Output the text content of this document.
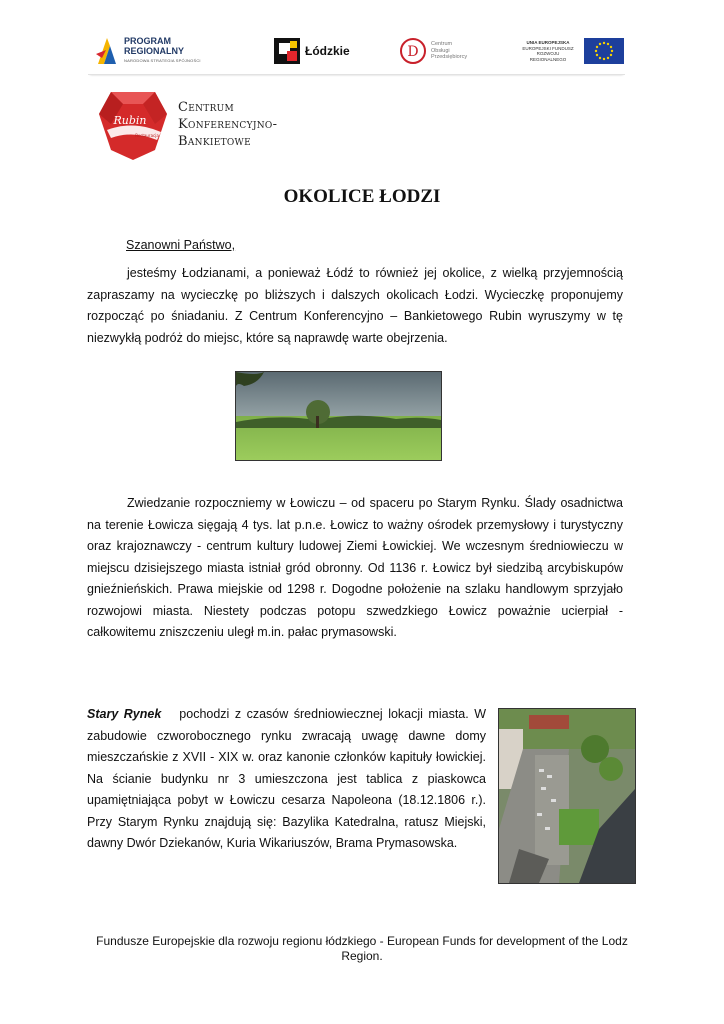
PROGRAM
REGIONALNY
NARODOWA STRATEGIA SPÓJNOŚCI
Łódzkie	D Centrum
Obsługi
Przedsiębiorcy
UNIA EUROPEJSKA
EUROPEJSKI FUNDUSZ
ROZWOJU REGIONALNEGO
Rubin
Restauracja
Centrum
Konferencyjno-
Bankietowe
OKOLICE ŁODZI
Szanowni Państwo,

jesteśmy Łodzianami, a ponieważ Łódź to również jej okolice, z wielką przyjemnością zapraszamy na wycieczkę po bliższych i dalszych okolicach Łodzi. Wycieczkę proponujemy rozpocząć po śniadaniu. Z Centrum Konferencyjno – Bankietowego Rubin wyruszymy w tę niezwykłą podróż do miejsc, które są naprawdę warte obejrzenia.

Zwiedzanie rozpoczniemy w Łowiczu – od spaceru po Starym Rynku. Ślady osadnictwa na terenie Łowicza sięgają 4 tys. lat p.n.e. Łowicz to ważny ośrodek przemysłowy i turystyczny oraz krajoznawczy - centrum kultury ludowej Ziemi Łowickiej. We wczesnym średniowieczu w miejscu dzisiejszego miasta istniał gród obronny. Od 1136 r. Łowicz był siedzibą arcybiskupów gnieźnieńskich. Prawa miejskie od 1298 r. Dogodne położenie na szlaku handlowym sprzyjało rozwojowi miasta. Niestety podczas potopu szwedzkiego Łowicz poważnie ucierpiał - całkowitemu zniszczeniu uległ m.in. pałac prymasowski.

Stary Rynek pochodzi z czasów średniowiecznej lokacji miasta. W zabudowie czworobocznego rynku zwracają uwagę dawne domy mieszczańskie z XVII - XIX w. oraz kanonie członków kapituły łowickiej. Na ścianie budynku nr 3 umieszczona jest tablica z piaskowca upamiętniająca pobyt w Łowiczu cesarza Napoleona (18.12.1806 r.). Przy Starym Rynku znajdują się: Bazylika Katedralna, ratusz Miejski, dawny Dwór Dziekanów, Kuria Wikariuszów, Brama Prymasowska.

Fundusze Europejskie dla rozwoju regionu łódzkiego - European Funds for development of the Lodz Region.
